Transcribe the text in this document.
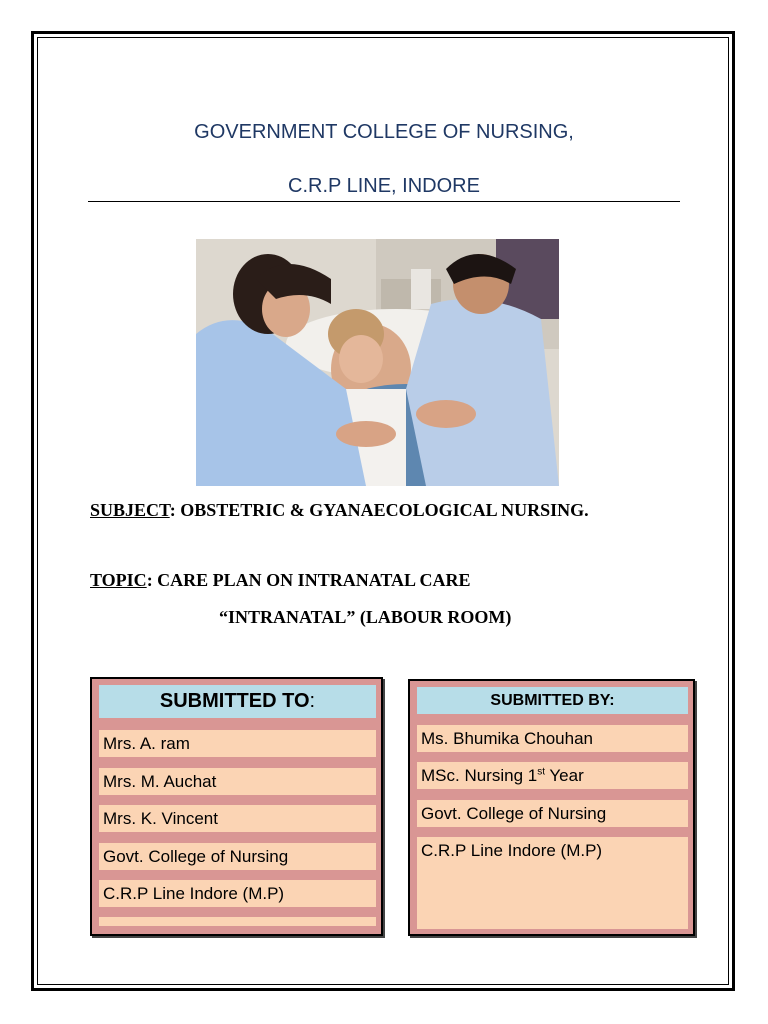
GOVERNMENT COLLEGE OF NURSING,
C.R.P LINE, INDORE
SUBJECT: OBSTETRIC & GYANAECOLOGICAL NURSING.
TOPIC: CARE PLAN ON INTRANATAL CARE
“INTRANATAL” (LABOUR ROOM)
SUBMITTED TO:
Mrs. A. ram
Mrs. M. Auchat
Mrs. K. Vincent
Govt. College of Nursing
C.R.P Line Indore (M.P)
SUBMITTED BY:
Ms. Bhumika Chouhan
MSc. Nursing 1st Year
Govt. College of Nursing
C.R.P Line Indore (M.P)
